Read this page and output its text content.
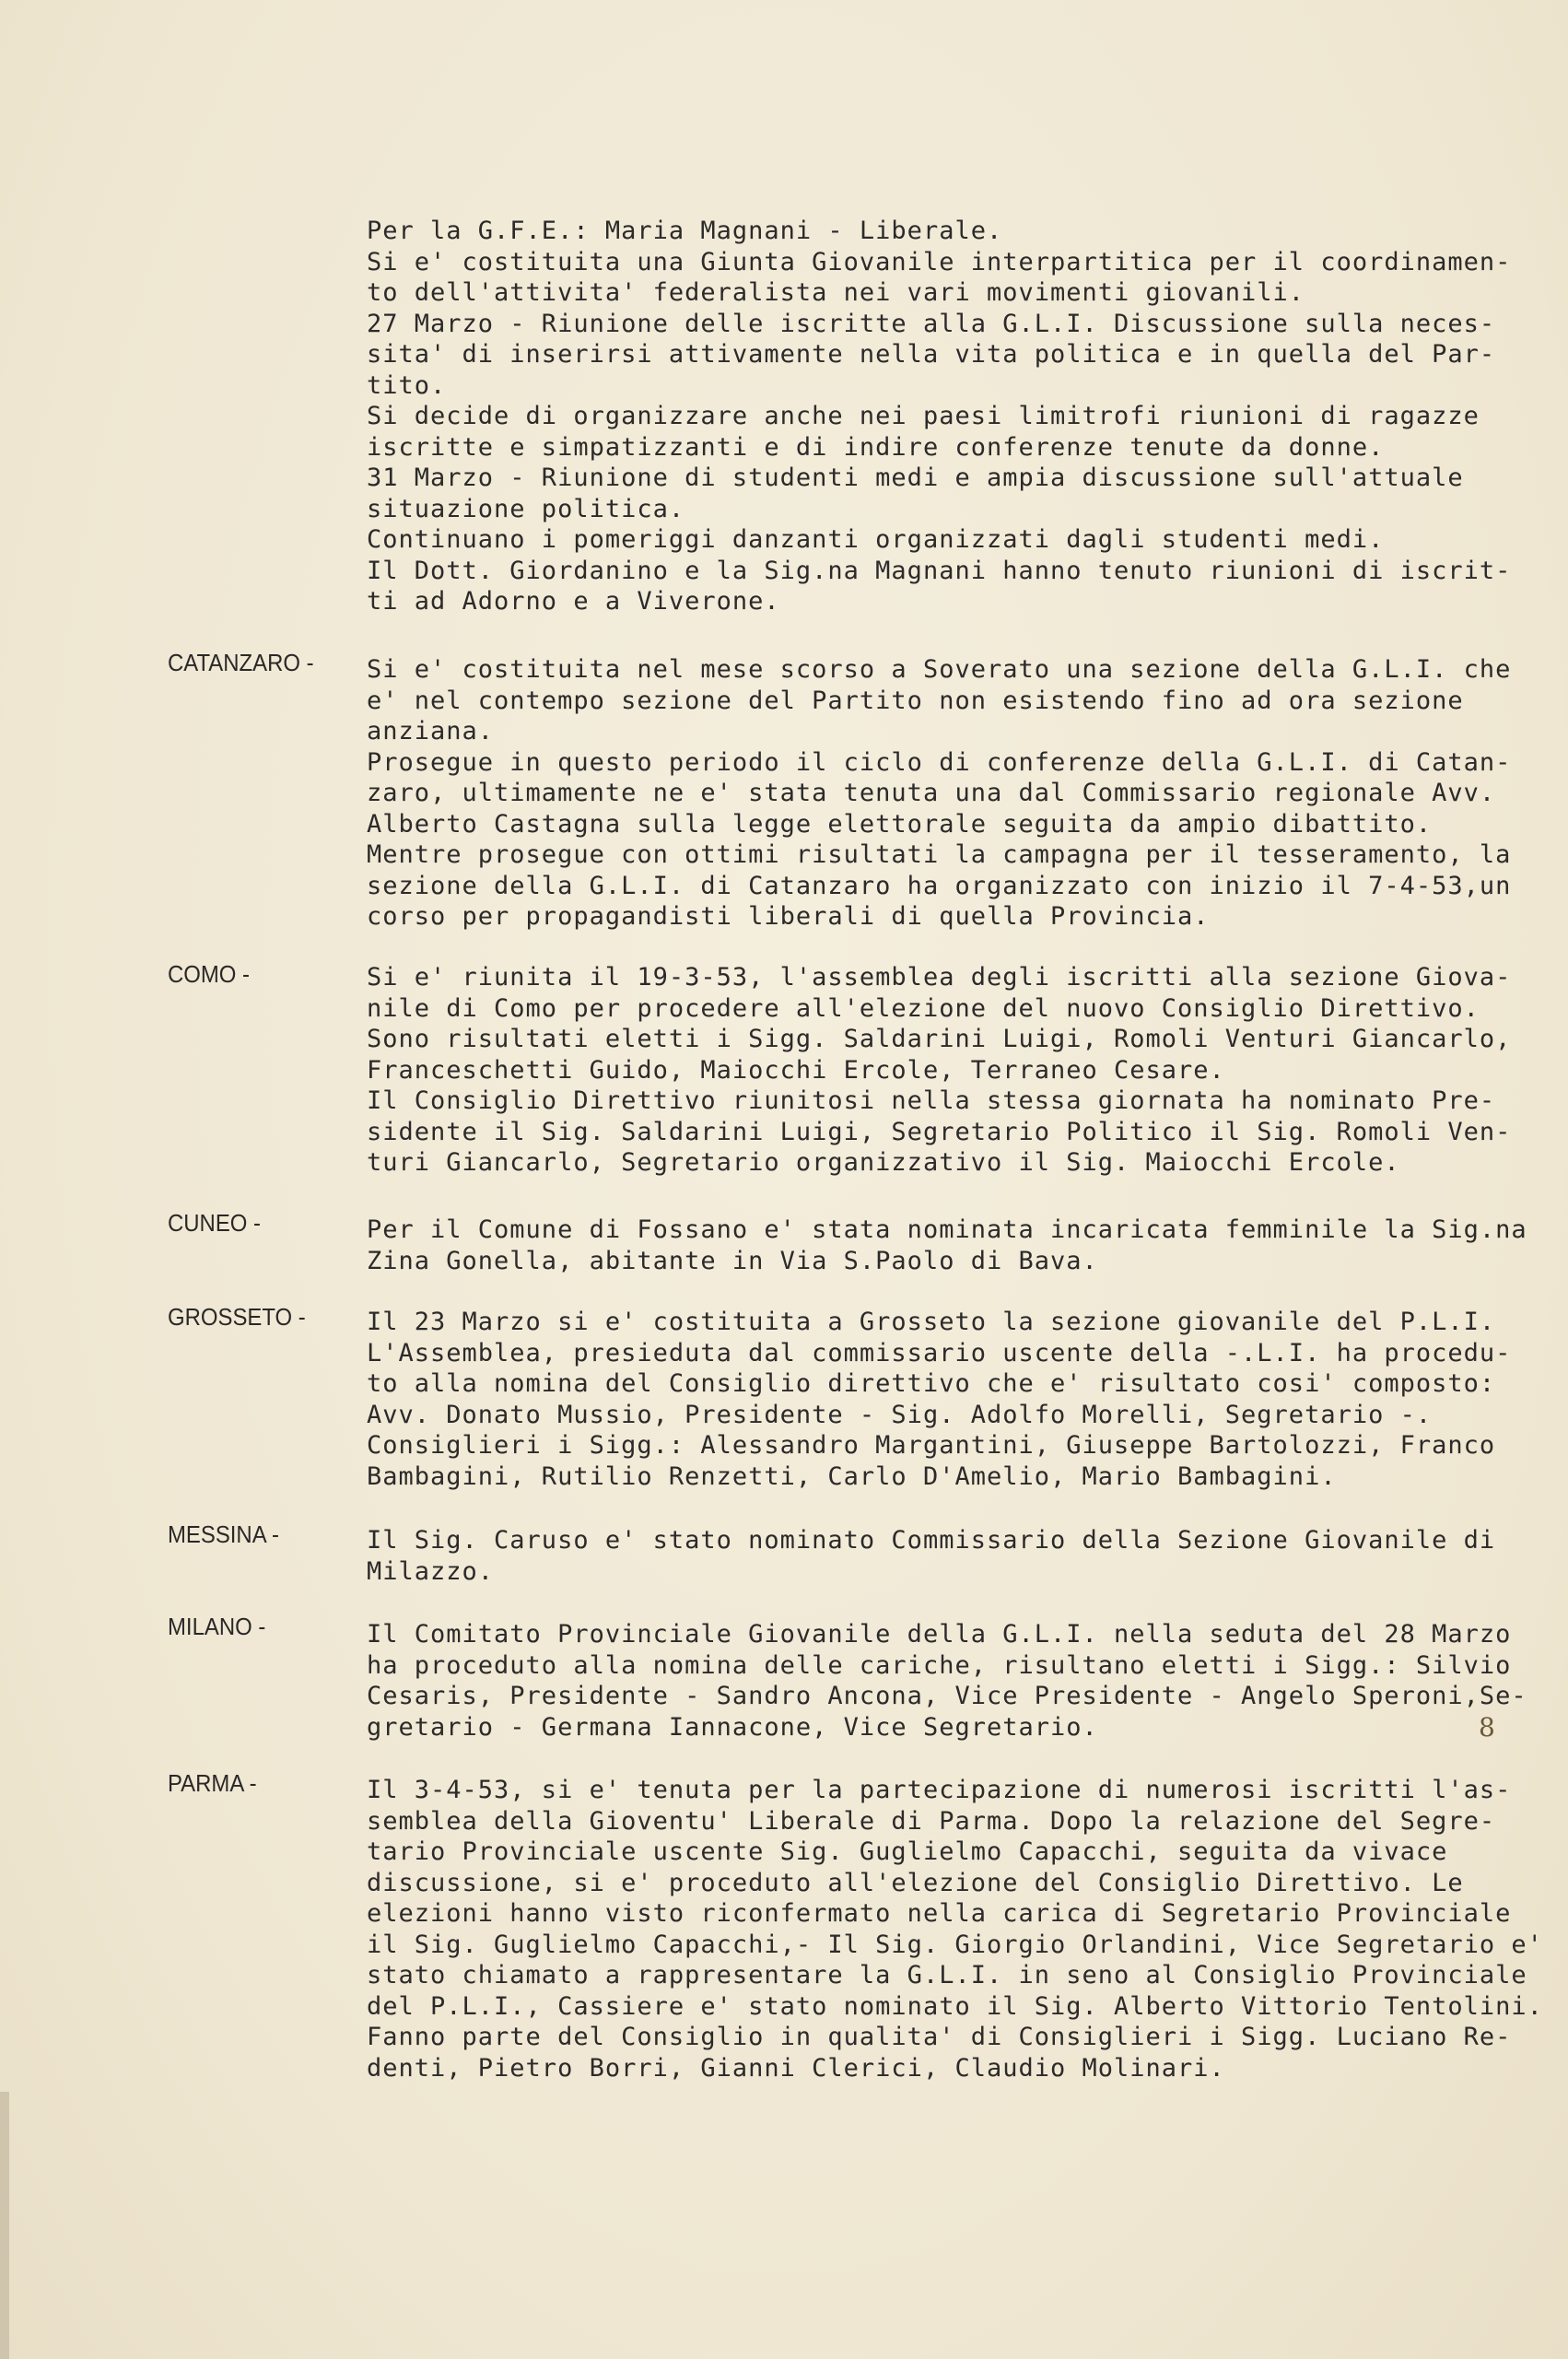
Per la G.F.E.: Maria Magnani - Liberale.
Si e' costituita una Giunta Giovanile interpartitica per il coordinamen-
to dell'attivita' federalista nei vari movimenti giovanili.
27 Marzo - Riunione delle iscritte alla G.L.I. Discussione sulla neces-
sita' di inserirsi attivamente nella vita politica e in quella del Par-
tito.
Si decide di organizzare anche nei paesi limitrofi riunioni di ragazze
iscritte e simpatizzanti e di indire conferenze tenute da donne.
31 Marzo - Riunione di studenti medi e ampia discussione sull'attuale
situazione politica.
Continuano i pomeriggi danzanti organizzati dagli studenti medi.
Il Dott. Giordanino e la Sig.na Magnani hanno tenuto riunioni di iscrit-
ti ad Adorno e a Viverone.
CATANZARO - Si e' costituita nel mese scorso a Soverato una sezione della G.L.I. che
e' nel contempo sezione del Partito non esistendo fino ad ora sezione
anziana.
Prosegue in questo periodo il ciclo di conferenze della G.L.I. di Catan-
zaro, ultimamente ne e' stata tenuta una dal Commissario regionale Avv.
Alberto Castagna sulla legge elettorale seguita da ampio dibattito.
Mentre prosegue con ottimi risultati la campagna per il tesseramento, la
sezione della G.L.I. di Catanzaro ha organizzato con inizio il 7-4-53,un
corso per propagandisti liberali di quella Provincia.
COMO -	Si e' riunita il 19-3-53, l'assemblea degli iscritti alla sezione Giova-
nile di Como per procedere all'elezione del nuovo Consiglio Direttivo.
Sono risultati eletti i Sigg. Saldarini Luigi, Romoli Venturi Giancarlo,
Franceschetti Guido, Maiocchi Ercole, Terraneo Cesare.
Il Consiglio Direttivo riunitosi nella stessa giornata ha nominato Pre-
sidente il Sig. Saldarini Luigi, Segretario Politico il Sig. Romoli Ven-
turi Giancarlo, Segretario organizzativo il Sig. Maiocchi Ercole.
CUNEO -	Per il Comune di Fossano e' stata nominata incaricata femminile la Sig.na
Zina Gonella, abitante in Via S.Paolo di Bava.
GROSSETO - Il 23 Marzo si e' costituita a Grosseto la sezione giovanile del P.L.I.
L'Assemblea, presieduta dal commissario uscente della -.L.I. ha procedu-
to alla nomina del Consiglio direttivo che e' risultato cosi' composto:
Avv. Donato Mussio, Presidente - Sig. Adolfo Morelli, Segretario -.
Consiglieri i Sigg.: Alessandro Margantini, Giuseppe Bartolozzi, Franco
Bambagini, Rutilio Renzetti, Carlo D'Amelio, Mario Bambagini.
MESSINA -	Il Sig. Caruso e' stato nominato Commissario della Sezione Giovanile di
Milazzo.
MILANO -	Il Comitato Provinciale Giovanile della G.L.I. nella seduta del 28 Marzo
ha proceduto alla nomina delle cariche, risultano eletti i Sigg.: Silvio
Cesaris, Presidente - Sandro Ancona, Vice Presidente - Angelo Speroni,Se-
gretario - Germana Iannacone, Vice Segretario.
PARMA -	Il 3-4-53, si e' tenuta per la partecipazione di numerosi iscritti l'as-
semblea della Gioventu' Liberale di Parma. Dopo la relazione del Segre-
tario Provinciale uscente Sig. Guglielmo Capacchi, seguita da vivace
discussione, si e' proceduto all'elezione del Consiglio Direttivo. Le
elezioni hanno visto riconfermato nella carica di Segretario Provinciale
il Sig. Guglielmo Capacchi,- Il Sig. Giorgio Orlandini, Vice Segretario e'
stato chiamato a rappresentare la G.L.I. in seno al Consiglio Provinciale
del P.L.I., Cassiere e' stato nominato il Sig. Alberto Vittorio Tentolini.
Fanno parte del Consiglio in qualita' di Consiglieri i Sigg. Luciano Re-
denti, Pietro Borri, Gianni Clerici, Claudio Molinari.
8
